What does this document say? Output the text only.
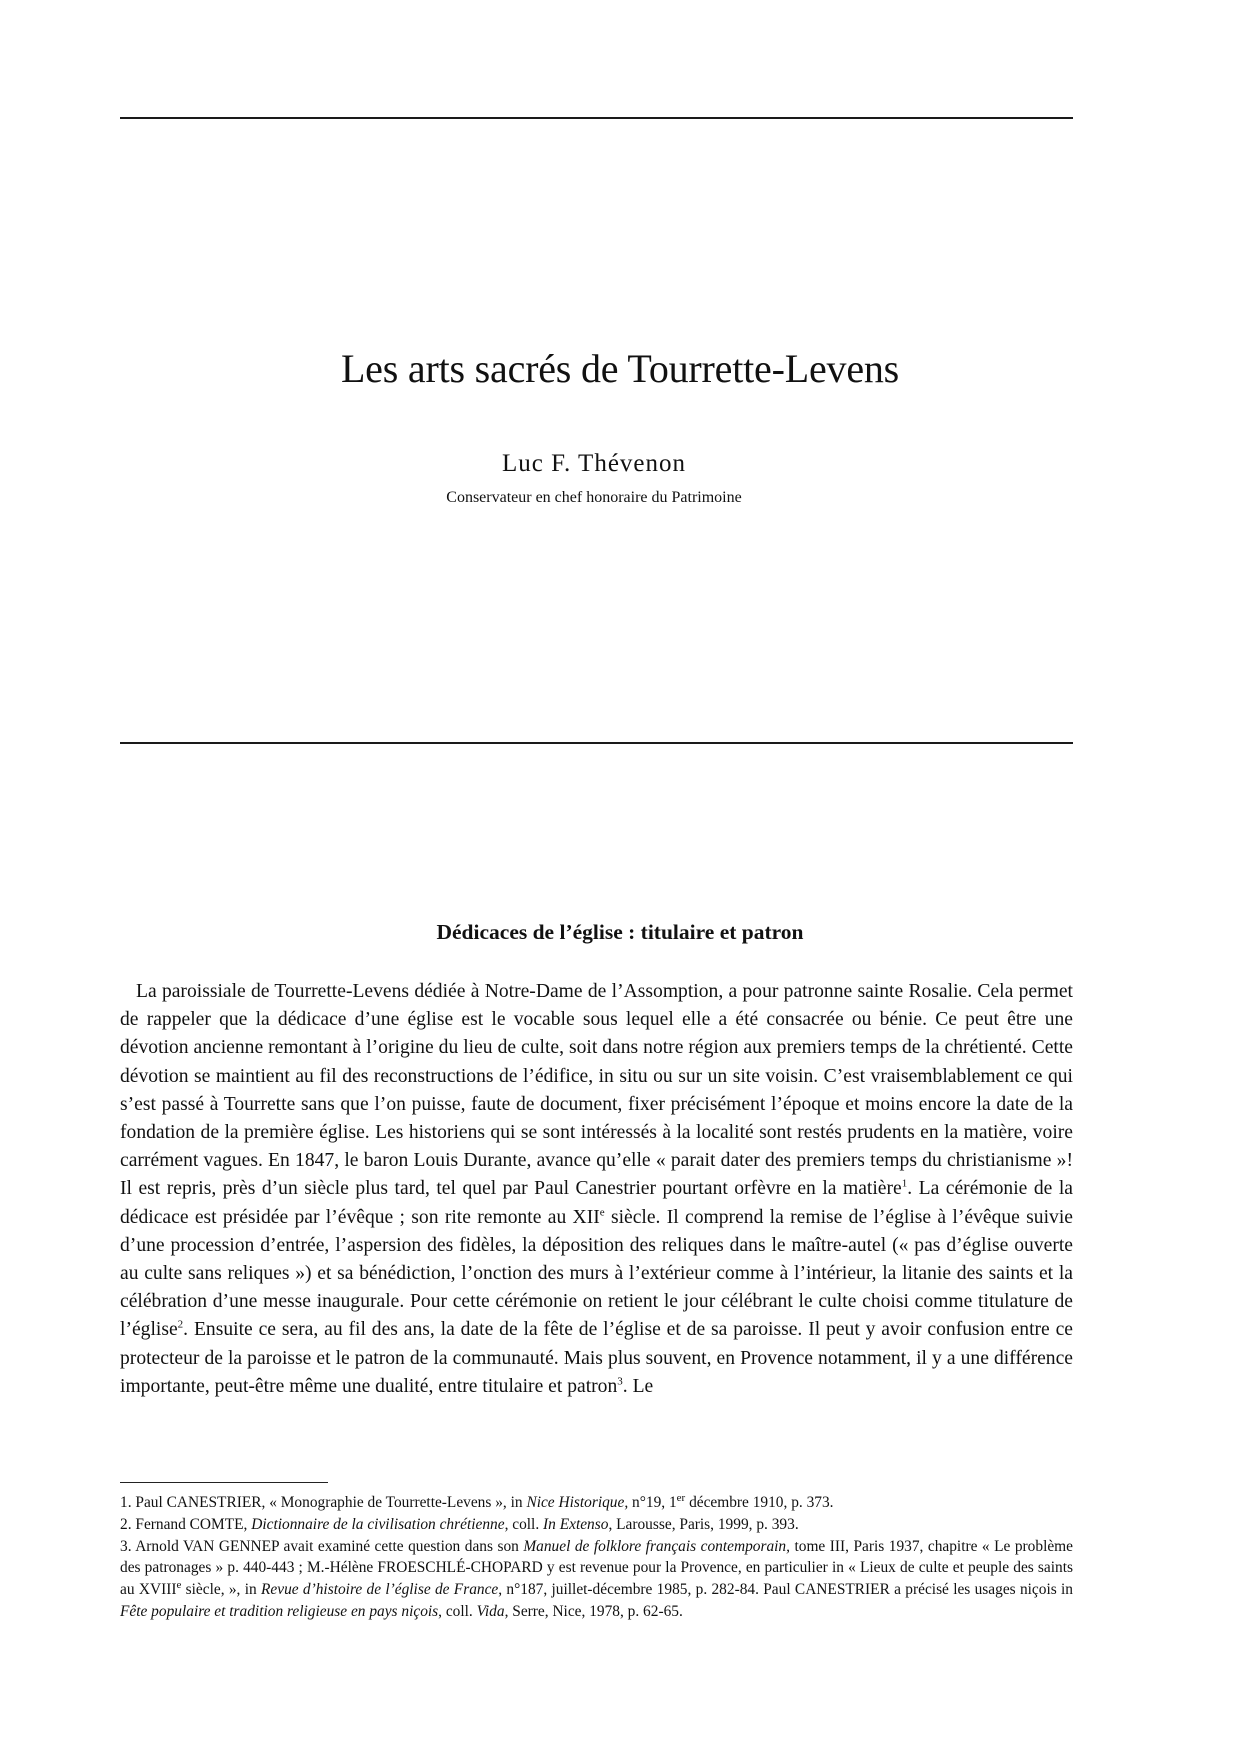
Les arts sacrés de Tourrette-Levens

Luc F. Thévenon

Conservateur en chef honoraire du Patrimoine

Dédicaces de l’église : titulaire et patron

La paroissiale de Tourrette-Levens dédiée à Notre-Dame de l’Assomption, a pour patronne sainte Rosalie. Cela permet de rappeler que la dédicace d’une église est le vocable sous lequel elle a été consacrée ou bénie. Ce peut être une dévotion ancienne remontant à l’origine du lieu de culte, soit dans notre région aux premiers temps de la chrétienté. Cette dévotion se maintient au fil des reconstructions de l’édifice, in situ ou sur un site voisin. C’est vraisemblablement ce qui s’est passé à Tourrette sans que l’on puisse, faute de document, fixer précisément l’époque et moins encore la date de la fondation de la première église. Les historiens qui se sont intéressés à la localité sont restés prudents en la matière, voire carrément vagues. En 1847, le baron Louis Durante, avance qu’elle « parait dater des premiers temps du christianisme »! Il est repris, près d’un siècle plus tard, tel quel par Paul Canestrier pourtant orfèvre en la matière$^1$. La cérémonie de la dédicace est présidée par l’évêque ; son rite remonte au XIIe siècle. Il comprend la remise de l’église à l’évêque suivie d’une procession d’entrée, l’aspersion des fidèles, la déposition des reliques dans le maître-autel (« pas d’église ouverte au culte sans reliques ») et sa bénédiction, l’onction des murs à l’extérieur comme à l’intérieur, la litanie des saints et la célébration d’une messe inaugurale. Pour cette cérémonie on retient le jour célébrant le culte choisi comme titulature de l’église$^2$. Ensuite ce sera, au fil des ans, la date de la fête de l’église et de sa paroisse. Il peut y avoir confusion entre ce protecteur de la paroisse et le patron de la communauté. Mais plus souvent, en Provence notamment, il y a une différence importante, peut-être même une dualité, entre titulaire et patron$^3$. Le

1. Paul CANESTRIER, « Monographie de Tourrette-Levens », in Nice Historique, n°19, 1er décembre 1910, p. 373.

2. Fernand COMTE, Dictionnaire de la civilisation chrétienne, coll. In Extenso, Larousse, Paris, 1999, p. 393.

3. Arnold VAN GENNEP avait examiné cette question dans son Manuel de folklore français contemporain, tome III, Paris 1937, chapitre « Le problème des patronages » p. 440-443 ; M.-Hélène FROESCHLÉ-CHOPARD y est revenue pour la Provence, en particulier in « Lieux de culte et peuple des saints au XVIIIe siècle, », in Revue d’histoire de l’église de France, n°187, juillet-décembre 1985, p. 282-84. Paul CANESTRIER a précisé les usages niçois in Fête populaire et tradition religieuse en pays niçois, coll. Vida, Serre, Nice, 1978, p. 62-65.
